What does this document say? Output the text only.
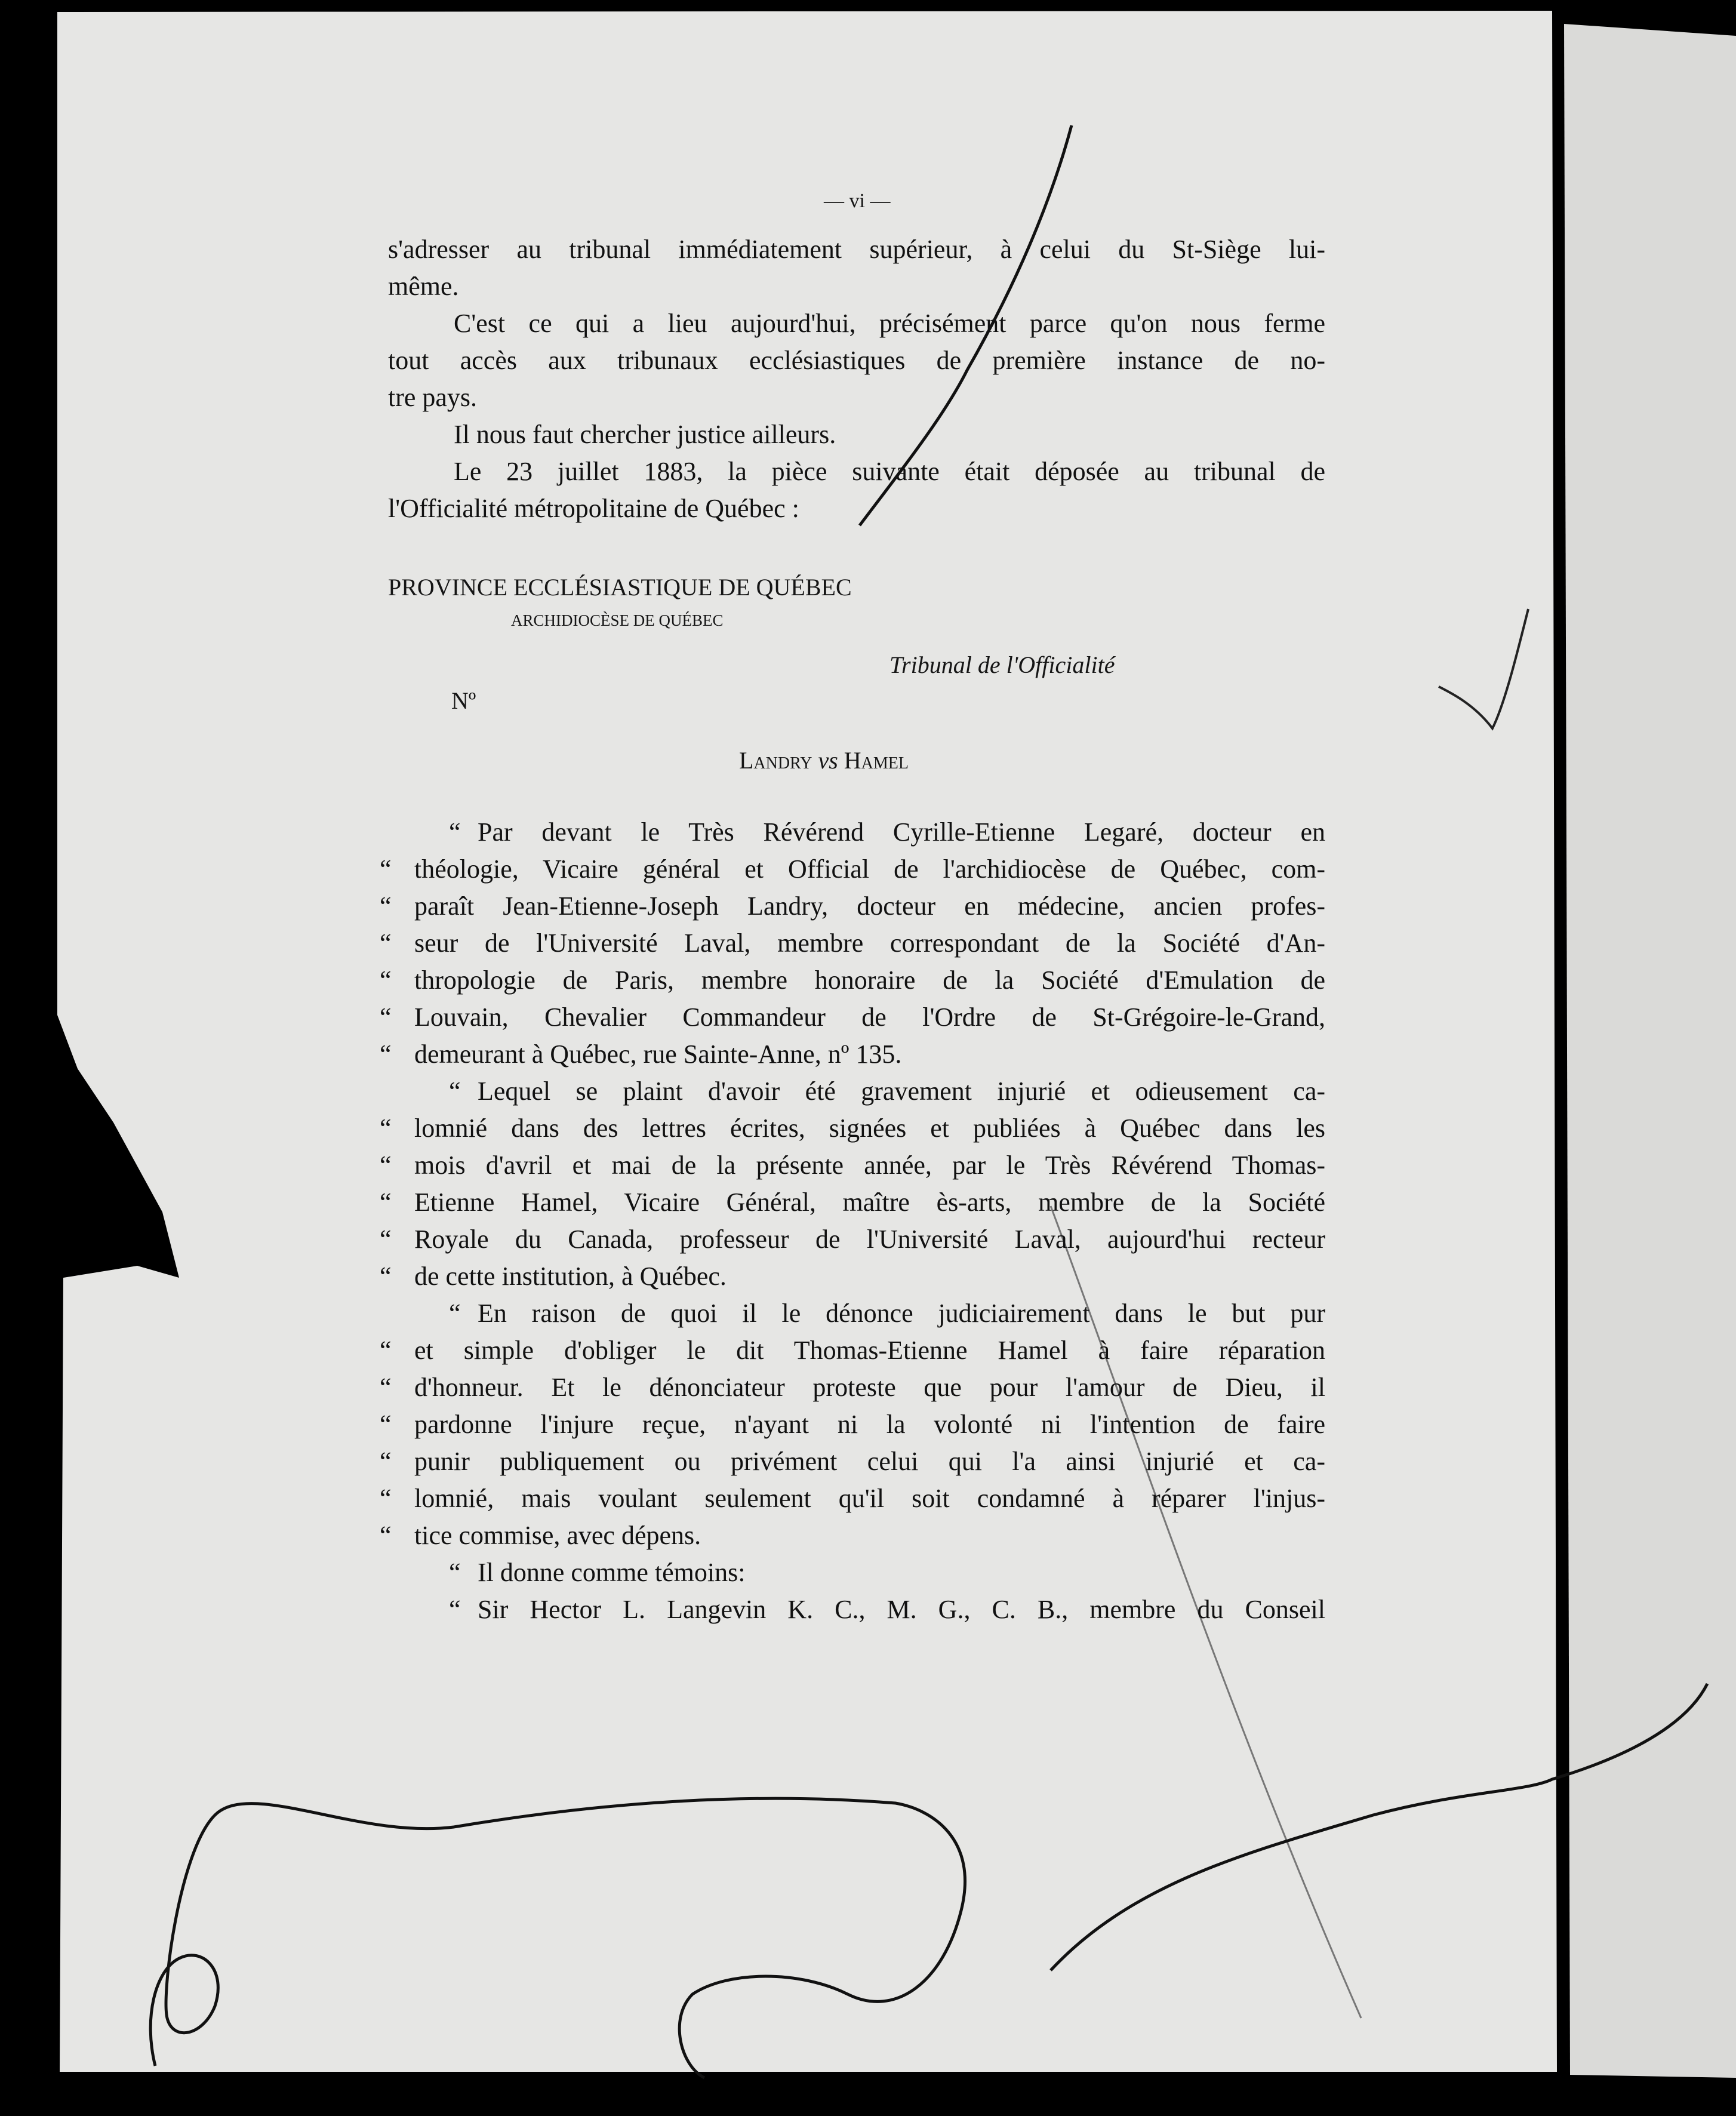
— vi —
s'adresser au tribunal immédiatement supérieur, à celui du St-Siège lui-
même.
C'est ce qui a lieu aujourd'hui, précisément parce qu'on nous ferme
tout accès aux tribunaux ecclésiastiques de première instance de no-
tre pays.
Il nous faut chercher justice ailleurs.
Le 23 juillet 1883, la pièce suivante était déposée au tribunal de
l'Officialité métropolitaine de Québec :
PROVINCE ECCLÉSIASTIQUE DE QUÉBEC
ARCHIDIOCÈSE DE QUÉBEC
Tribunal de l'Officialité
Nº
Landry vs Hamel
“ Par devant le Très Révérend Cyrille-Etienne Legaré, docteur en
“ théologie, Vicaire général et Official de l'archidiocèse de Québec, com-
“ paraît Jean-Etienne-Joseph Landry, docteur en médecine, ancien profes-
“ seur de l'Université Laval, membre correspondant de la Société d'An-
“ thropologie de Paris, membre honoraire de la Société d'Emulation de
“ Louvain, Chevalier Commandeur de l'Ordre de St-Grégoire-le-Grand,
“ demeurant à Québec, rue Sainte-Anne, nº 135.
“ Lequel se plaint d'avoir été gravement injurié et odieusement ca-
“ lomnié dans des lettres écrites, signées et publiées à Québec dans les
“ mois d'avril et mai de la présente année, par le Très Révérend Thomas-
“ Etienne Hamel, Vicaire Général, maître ès-arts, membre de la Société
“ Royale du Canada, professeur de l'Université Laval, aujourd'hui recteur
“ de cette institution, à Québec.
“ En raison de quoi il le dénonce judiciairement dans le but pur
“ et simple d'obliger le dit Thomas-Etienne Hamel à faire réparation
“ d'honneur. Et le dénonciateur proteste que pour l'amour de Dieu, il
“ pardonne l'injure reçue, n'ayant ni la volonté ni l'intention de faire
“ punir publiquement ou privément celui qui l'a ainsi injurié et ca-
“ lomnié, mais voulant seulement qu'il soit condamné à réparer l'injus-
“ tice commise, avec dépens.
“ Il donne comme témoins:
“ Sir Hector L. Langevin K. C., M. G., C. B., membre du Conseil
